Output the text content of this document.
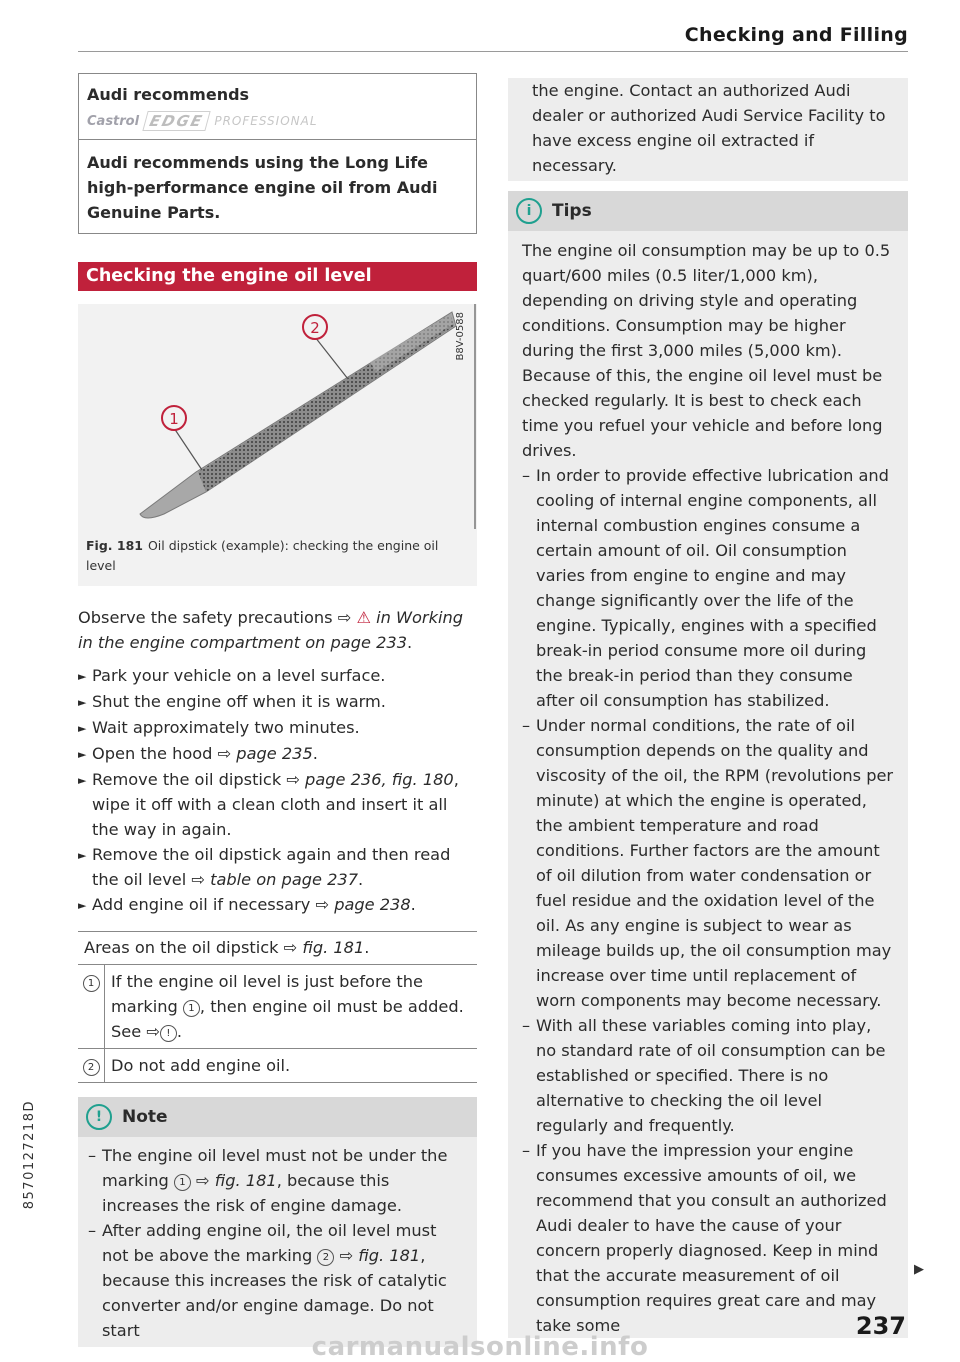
Checking and Filling
Audi recommends
Castrol EDGE PROFESSIONAL
Audi recommends using the Long Life high-performance engine oil from Audi Genuine Parts.
Checking the engine oil level
2
1
B8V-0588
Fig. 181 Oil dipstick (example): checking the engine oil level

Observe the safety precautions ⇨ ⚠ in Working in the engine compartment on page 233.

► Park your vehicle on a level surface.
► Shut the engine off when it is warm.
► Wait approximately two minutes.
► Open the hood ⇨ page 235.
► Remove the oil dipstick ⇨ page 236, fig. 180, wipe it off with a clean cloth and insert it all the way in again.
► Remove the oil dipstick again and then read the oil level ⇨ table on page 237.
► Add engine oil if necessary ⇨ page 238.
Areas on the oil dipstick ⇨ fig. 181.
1	If the engine oil level is just before the marking 1 , then engine oil must be added. See ⇨ ! .
2	Do not add engine oil.
!	Note
– The engine oil level must not be under the marking 1 ⇨ fig. 181, because this increases the risk of engine damage.
– After adding engine oil, the oil level must not be above the marking 2 ⇨ fig. 181, because this increases the risk of catalytic converter and/or engine damage. Do not start

the engine. Contact an authorized Audi dealer or authorized Audi Service Facility to have excess engine oil extracted if necessary.

i	Tips

The engine oil consumption may be up to 0.5 quart/600 miles (0.5 liter/1,000 km), depending on driving style and operating conditions. Consumption may be higher during the first 3,000 miles (5,000 km). Because of this, the engine oil level must be checked regularly. It is best to check each time you refuel your vehicle and before long drives.

– In order to provide effective lubrication and cooling of internal engine components, all internal combustion engines consume a certain amount of oil. Oil consumption varies from engine to engine and may change significantly over the life of the engine. Typically, engines with a specified break-in period consume more oil during the break-in period than they consume after oil consumption has stabilized.
– Under normal conditions, the rate of oil consumption depends on the quality and viscosity of the oil, the RPM (revolutions per minute) at which the engine is operated, the ambient temperature and road conditions. Further factors are the amount of oil dilution from water condensation or fuel residue and the oxidation level of the oil. As any engine is subject to wear as mileage builds up, the oil consumption may increase over time until replacement of worn components may become necessary.
– With all these variables coming into play, no standard rate of oil consumption can be established or specified. There is no alternative to checking the oil level regularly and frequently.
– If you have the impression your engine consumes excessive amounts of oil, we recommend that you consult an authorized Audi dealer to have the cause of your concern properly diagnosed. Keep in mind that the accurate measurement of oil consumption requires great care and may take some
▶
8570127218D
237
carmanualsonline.info
